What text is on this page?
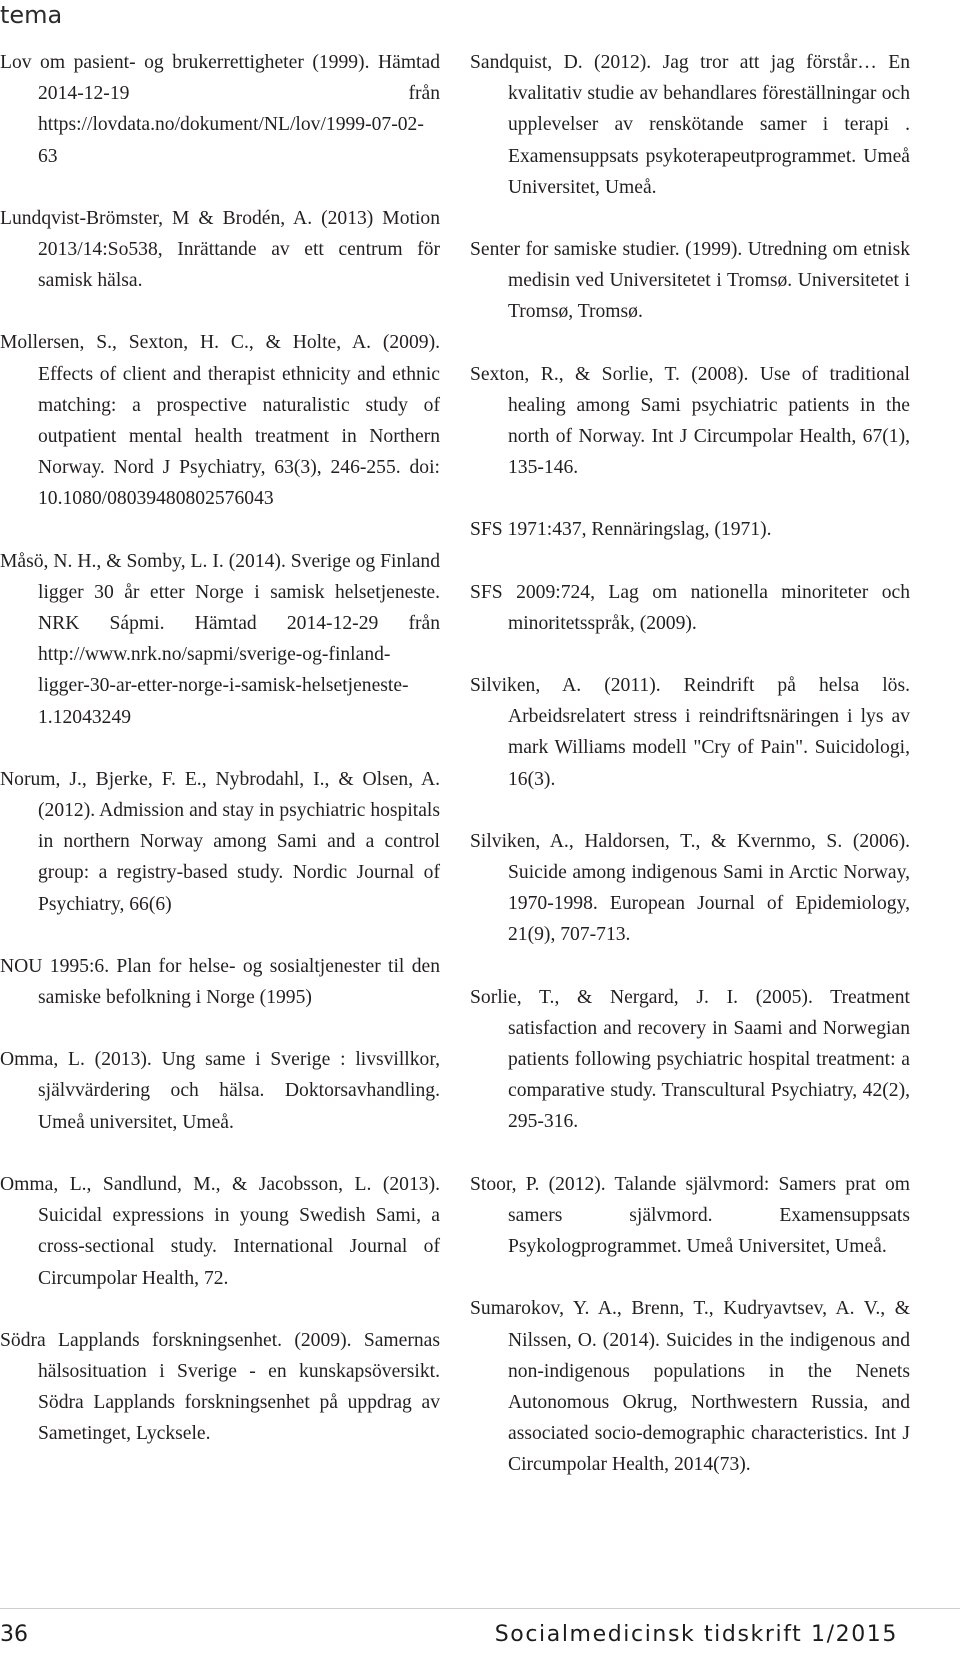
tema

Lov om pasient- og brukerrettigheter (1999). Hämtad 2014-12-19 från https://lovdata.no/dokument/NL/lov/1999-07-02-63

Lundqvist-Brömster, M & Brodén, A. (2013) Motion 2013/14:So538, Inrättande av ett centrum för samisk hälsa.

Mollersen, S., Sexton, H. C., & Holte, A. (2009). Effects of client and therapist ethnicity and ethnic matching: a prospective naturalistic study of outpatient mental health treatment in Northern Norway. Nord J Psychiatry, 63(3), 246-255. doi: 10.1080/08039480802576043

Måsö, N. H., & Somby, L. I. (2014). Sverige og Finland ligger 30 år etter Norge i samisk helsetjeneste. NRK Sápmi. Hämtad 2014-12-29 från http://www.nrk.no/sapmi/sverige-og-finland-ligger-30-ar-etter-norge-i-samisk-helsetjeneste-1.12043249

Norum, J., Bjerke, F. E., Nybrodahl, I., & Olsen, A. (2012). Admission and stay in psychiatric hospitals in northern Norway among Sami and a control group: a registry-based study. Nordic Journal of Psychiatry, 66(6)

NOU 1995:6. Plan for helse- og sosialtjenester til den samiske befolkning i Norge (1995)

Omma, L. (2013). Ung same i Sverige : livsvillkor, självvärdering och hälsa. Doktorsavhandling. Umeå universitet, Umeå.

Omma, L., Sandlund, M., & Jacobsson, L. (2013). Suicidal expressions in young Swedish Sami, a cross-sectional study. International Journal of Circumpolar Health, 72.

Södra Lapplands forskningsenhet. (2009). Samernas hälsosituation i Sverige - en kunskapsöversikt. Södra Lapplands forskningsenhet på uppdrag av Sametinget, Lycksele.

Sandquist, D. (2012). Jag tror att jag förstår… En kvalitativ studie av behandlares föreställningar och upplevelser av renskötande samer i terapi . Examensuppsats psykoterapeutprogrammet. Umeå Universitet, Umeå.

Senter for samiske studier. (1999). Utredning om etnisk medisin ved Universitetet i Tromsø. Universitetet i Tromsø, Tromsø.

Sexton, R., & Sorlie, T. (2008). Use of traditional healing among Sami psychiatric patients in the north of Norway. Int J Circumpolar Health, 67(1), 135-146.

SFS 1971:437, Rennäringslag, (1971).

SFS 2009:724, Lag om nationella minoriteter och minoritetsspråk, (2009).

Silviken, A. (2011). Reindrift på helsa lös. Arbeidsrelatert stress i reindriftsnäringen i lys av mark Williams modell "Cry of Pain". Suicidologi, 16(3).

Silviken, A., Haldorsen, T., & Kvernmo, S. (2006). Suicide among indigenous Sami in Arctic Norway, 1970-1998. European Journal of Epidemiology, 21(9), 707-713.

Sorlie, T., & Nergard, J. I. (2005). Treatment satisfaction and recovery in Saami and Norwegian patients following psychiatric hospital treatment: a comparative study. Transcultural Psychiatry, 42(2), 295-316.

Stoor, P. (2012). Talande självmord: Samers prat om samers självmord. Examensuppsats Psykologprogrammet. Umeå Universitet, Umeå.

Sumarokov, Y. A., Brenn, T., Kudryavtsev, A. V., & Nilssen, O. (2014). Suicides in the indigenous and non-indigenous populations in the Nenets Autonomous Okrug, Northwestern Russia, and associated socio-demographic characteristics. Int J Circumpolar Health, 2014(73).

36	Socialmedicinsk tidskrift 1/2015
